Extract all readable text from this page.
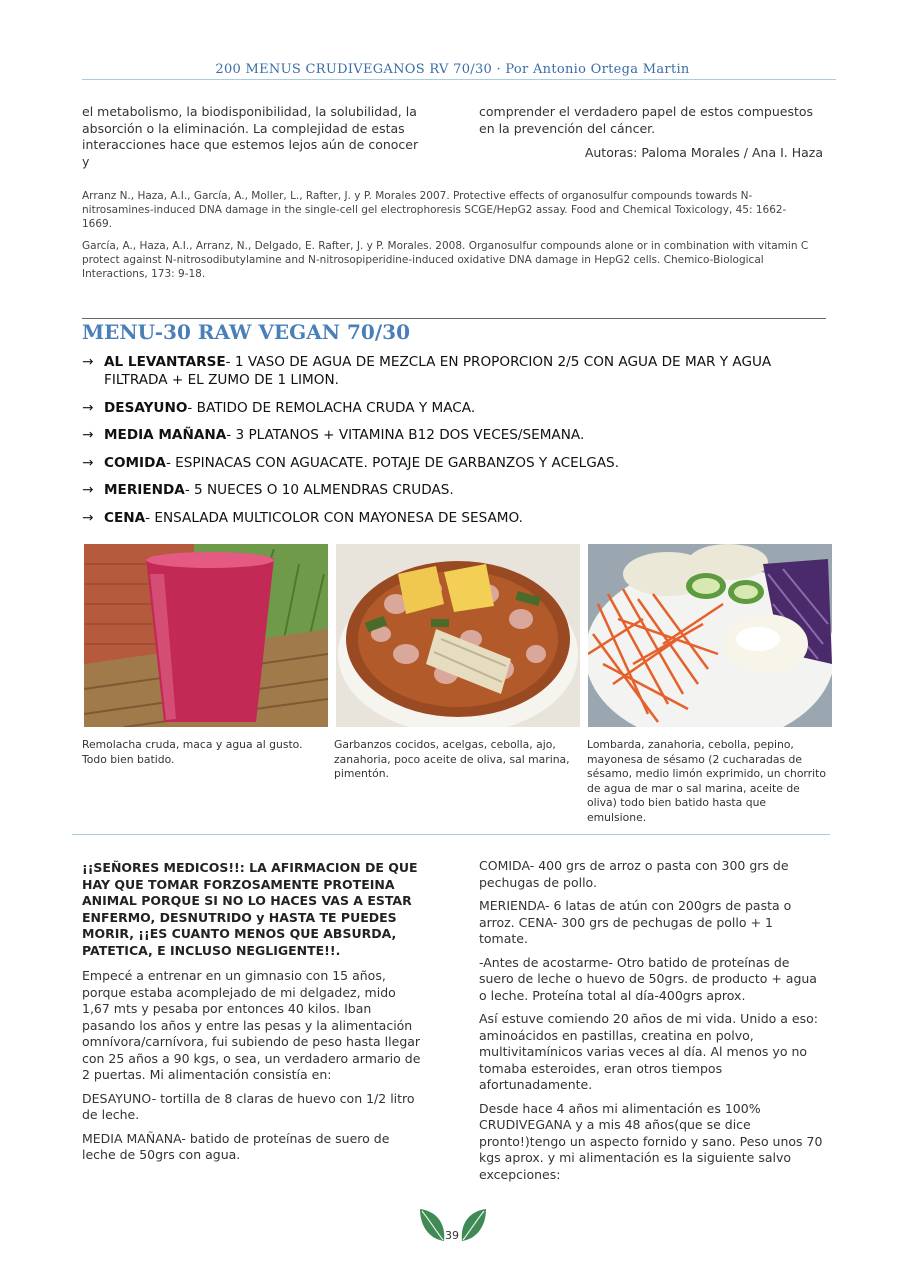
200 MENUS CRUDIVEGANOS RV 70/30 · Por Antonio Ortega Martin
el metabolismo, la biodisponibilidad, la solubilidad, la absorción o la eliminación. La complejidad de estas interacciones hace que estemos lejos aún de conocer y
comprender el verdadero papel de estos compuestos en la prevención del cáncer.
Autoras: Paloma Morales / Ana I. Haza
Arranz N., Haza, A.I., García, A., Moller, L., Rafter, J. y P. Morales 2007. Protective effects of organosulfur compounds towards N-nitrosamines-induced DNA damage in the single-cell gel electrophoresis SCGE/HepG2 assay. Food and Chemical Toxicology, 45: 1662-1669.
García, A., Haza, A.I., Arranz, N., Delgado, E. Rafter, J. y P. Morales. 2008. Organosulfur compounds alone or in combination with vitamin C protect against N-nitrosodibutylamine and N-nitrosopiperidine-induced oxidative DNA damage in HepG2 cells. Chemico-Biological Interactions, 173: 9-18.
MENU-30 RAW VEGAN 70/30
→ AL LEVANTARSE- 1 VASO DE AGUA DE MEZCLA EN PROPORCION 2/5 CON AGUA DE MAR Y AGUA FILTRADA + EL ZUMO DE 1 LIMON.
→ DESAYUNO- BATIDO DE REMOLACHA CRUDA Y MACA.
→ MEDIA MAÑANA- 3 PLATANOS + VITAMINA B12 DOS VECES/SEMANA.
→ COMIDA- ESPINACAS CON AGUACATE. POTAJE DE GARBANZOS Y ACELGAS.
→ MERIENDA- 5 NUECES O 10 ALMENDRAS CRUDAS.
→ CENA- ENSALADA MULTICOLOR CON MAYONESA DE SESAMO.
Remolacha cruda, maca y agua al gusto. Todo bien batido.
Garbanzos cocidos, acelgas, cebolla, ajo, zanahoria, poco aceite de oliva, sal marina, pimentón.
Lombarda, zanahoria, cebolla, pepino, mayonesa de sésamo (2 cucharadas de sésamo, medio limón exprimido, un chorrito de agua de mar o sal marina, aceite de oliva) todo bien batido hasta que emulsione.

¡¡SEÑORES MEDICOS!!: LA AFIRMACION DE QUE HAY QUE TOMAR FORZOSAMENTE PROTEINA ANIMAL PORQUE SI NO LO HACES VAS A ESTAR ENFERMO, DESNUTRIDO y HASTA TE PUEDES MORIR, ¡¡ES CUANTO MENOS QUE ABSURDA, PATETICA, E INCLUSO NEGLIGENTE!!.

Empecé a entrenar en un gimnasio con 15 años, porque estaba acomplejado de mi delgadez, mido 1,67 mts y pesaba por entonces 40 kilos. Iban pasando los años y entre las pesas y la alimentación omnívora/carnívora, fui subiendo de peso hasta llegar con 25 años a 90 kgs, o sea, un verdadero armario de 2 puertas. Mi alimentación consistía en:

DESAYUNO- tortilla de 8 claras de huevo con 1/2 litro de leche.

MEDIA MAÑANA- batido de proteínas de suero de leche de 50grs con agua.

COMIDA- 400 grs de arroz o pasta con 300 grs de pechugas de pollo.

MERIENDA- 6 latas de atún con 200grs de pasta o arroz. CENA- 300 grs de pechugas de pollo + 1 tomate.

-Antes de acostarme- Otro batido de proteínas de suero de leche o huevo de 50grs. de producto + agua o leche. Proteína total al día-400grs aprox.

Así estuve comiendo 20 años de mi vida. Unido a eso: aminoácidos en pastillas, creatina en polvo, multivitamínicos varias veces al día. Al menos yo no tomaba esteroides, eran otros tiempos afortunadamente.

Desde hace 4 años mi alimentación es 100% CRUDIVEGANA y a mis 48 años(que se dice pronto!)tengo un aspecto fornido y sano. Peso unos 70 kgs aprox. y mi alimentación es la siguiente salvo excepciones:

39
